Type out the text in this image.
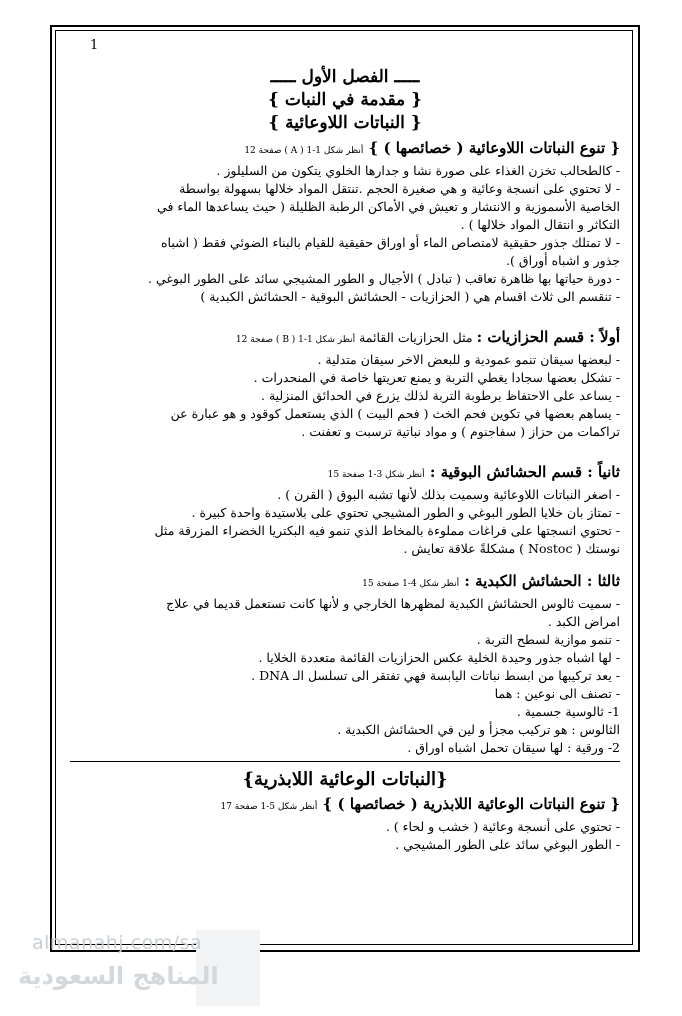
1
ـــــ الفصل الأول ـــــ
{ مقدمة في النبات }
{ النباتات اللاوعائية }
{ تنوع النباتات اللاوعائية ( خصائصها ) } أنظر شكل 1-1 ( A ) صفحة 12

- كالطحالب تخزن الغذاء على صورة نشا و جدارها الخلوي يتكون من السليلوز .

- لا تحتوي على انسجة وعائية و هي صغيرة الحجم .تنتقل المواد خلالها بسهولة بواسطة

الخاصية الأسموزية و الانتشار و تعيش في الأماكن الرطبة الظليلة ( حيث يساعدها الماء في

التكاثر و انتقال المواد خلالها ) .

- لا تمتلك جذور حقيقية لامتصاص الماء أو اوراق حقيقية للقيام بالبناء الضوئي فقط ( اشباه

جذور و اشباه أوراق ).

- دورة حياتها بها ظاهرة تعاقب ( تبادل ) الأجيال و الطور المشيجي سائد على الطور البوغي .

- تنقسم الى ثلاث اقسام هي ( الحزازيات - الحشائش البوقية - الحشائش الكبدية )

أولاً : قسم الحزازيات : مثل الحزازيات القائمة أنظر شكل 1-1 ( B ) صفحة 12

- لبعضها سيقان تنمو عمودية و للبعض الاخر سيقان متدلية .

- تشكل بعضها سجادا يغطي التربة و يمنع تعريتها خاصة في المنحدرات .

- يساعد على الاحتفاظ برطوبة التربة لذلك يزرع في الحدائق المنزلية .

- يساهم بعضها في تكوين فحم الخث ( فحم البيت ) الذي يستعمل كوقود و هو عبارة عن

تراكمات من حزاز ( سفاجنوم ) و مواد نباتية ترسبت و تعفنت .

ثانياً : قسم الحشائش البوقية : أنظر شكل 3-1 صفحة 15

- اصغر النباتات اللاوعائية وسميت بذلك لأنها تشبه البوق ( القرن ) .

- تمتاز بان خلايا الطور البوغي و الطور المشيجي تحتوي على بلاستيدة واحدة كبيرة .

- تحتوي انسجتها على فراغات مملوءة بالمخاط الذي تنمو فيه البكتريا الخضراء المزرقة مثل

نوستك ( Nostoc ) مشكلةً علاقة تعايش .

ثالثا : الحشائش الكبدية : أنظر شكل 4-1 صفحة 15

- سميت ثالوس الحشائش الكبدية لمظهرها الخارجي و لأنها كانت تستعمل قديما في علاج

امراض الكبد .

- تنمو موازية لسطح التربة .

- لها اشباه جذور وحيدة الخلية عكس الحزازيات القائمة متعددة الخلايا .

- يعد تركيبها من ابسط نباتات اليابسة فهي تفتقر الى تسلسل الـ DNA .

- تصنف الى نوعين : هما

1- ثالوسية جسمية .

الثالوس : هو تركيب مجزأ و لين في الحشائش الكبدية .

2- ورقية : لها سيقان تحمل اشباه اوراق .

{النباتات الوعائية اللابذرية}
{ تنوع النباتات الوعائية اللابذرية ( خصائصها ) } أنظر شكل 5-1 صفحة 17

- تحتوي على أنسجة وعائية ( خشب و لحاء ) .

- الطور البوغي سائد على الطور المشيجي .

almanahj.com/sa
المناهج السعودية
